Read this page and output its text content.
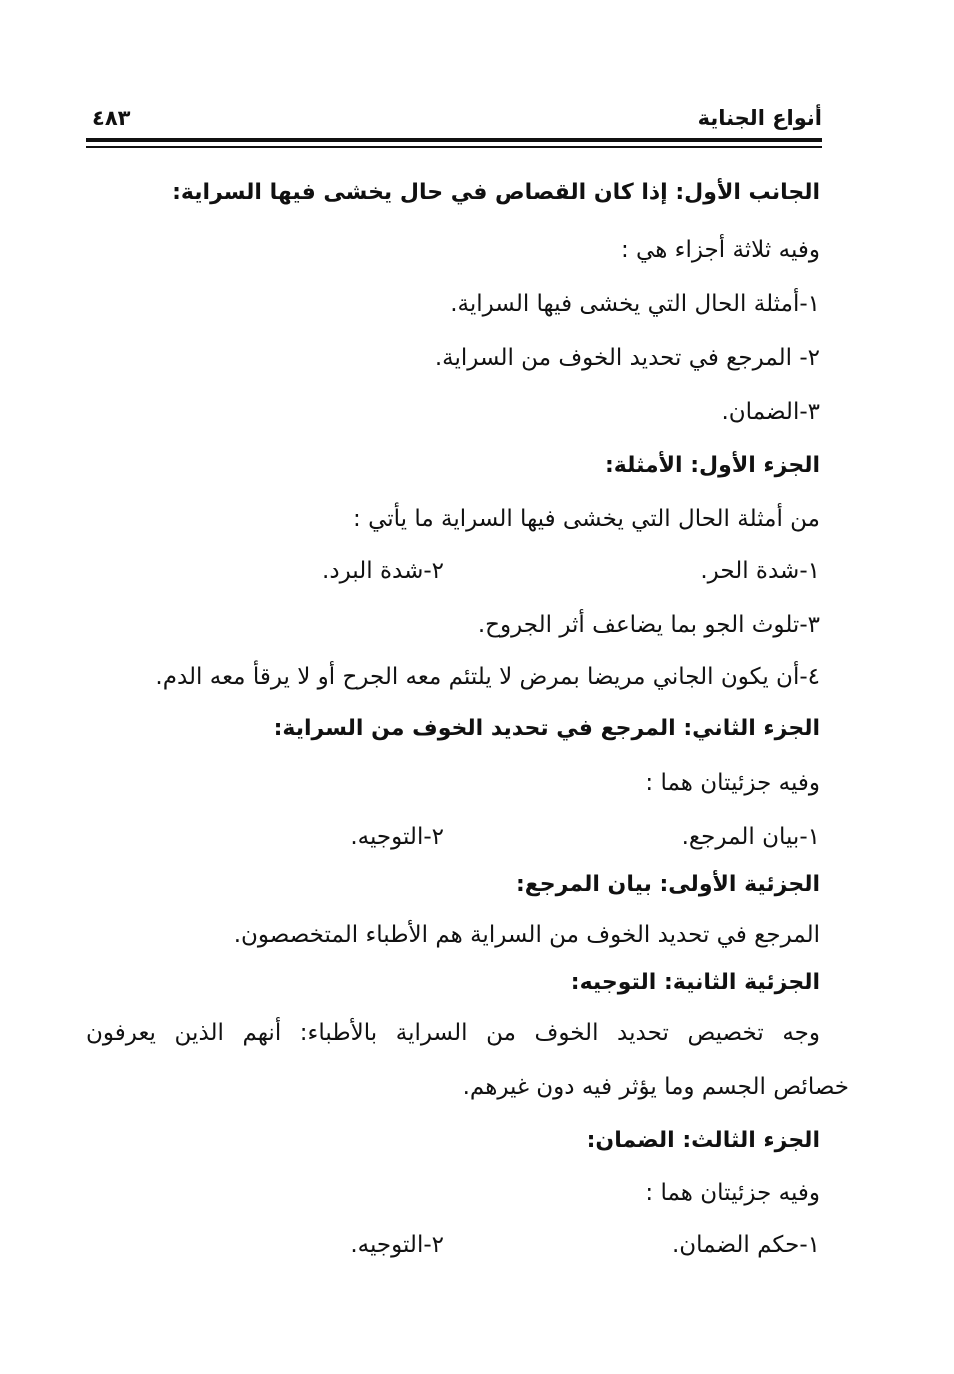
أنواع الجناية
٤٨٣
الجانب الأول: إذا كان القصاص في حال يخشى فيها السراية:
وفيه ثلاثة أجزاء هي :
١-أمثلة الحال التي يخشى فيها السراية.
٢- المرجع في تحديد الخوف من السراية.
٣-الضمان.
الجزء الأول: الأمثلة:
من أمثلة الحال التي يخشى فيها السراية ما يأتي :
١-شدة الحر.
٢-شدة البرد.
٣-تلوث الجو بما يضاعف أثر الجروح.
٤-أن يكون الجاني مريضا بمرض لا يلتئم معه الجرح أو لا يرقأ معه الدم.
الجزء الثاني: المرجع في تحديد الخوف من السراية:
وفيه جزئيتان هما :
١-بيان المرجع.
٢-التوجيه.
الجزئية الأولى: بيان المرجع:
المرجع في تحديد الخوف من السراية هم الأطباء المتخصصون.
الجزئية الثانية: التوجيه:
وجه تخصيص تحديد الخوف من السراية بالأطباء: أنهم الذين يعرفون
خصائص الجسم وما يؤثر فيه دون غيرهم.
الجزء الثالث: الضمان:
وفيه جزئيتان هما :
١-حكم الضمان.
٢-التوجيه.
